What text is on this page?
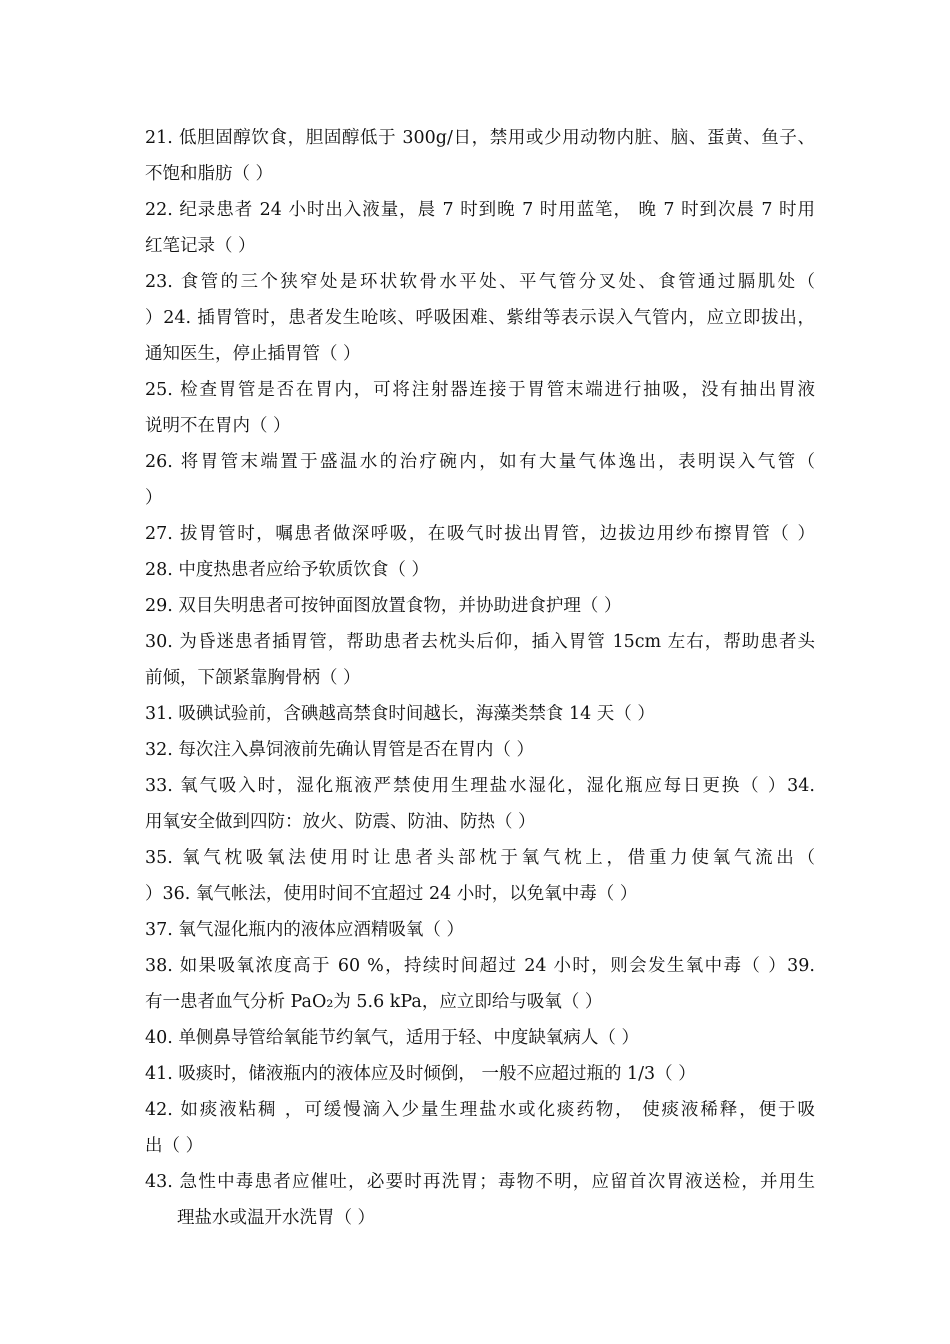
21. 低胆固醇饮食，胆固醇低于 300g/日，禁用或少用动物内脏、脑、蛋黄、鱼子、
不饱和脂肪（ ）
22. 纪录患者 24 小时出入液量，晨 7 时到晚 7 时用蓝笔， 晚 7 时到次晨 7 时用
红笔记录（ ）
23. 食管的三个狭窄处是环状软骨水平处、平气管分叉处、食管通过膈肌处（
）24. 插胃管时，患者发生呛咳、呼吸困难、紫绀等表示误入气管内，应立即拔出，
通知医生，停止插胃管（ ）
25. 检查胃管是否在胃内，可将注射器连接于胃管末端进行抽吸，没有抽出胃液
说明不在胃内（ ）
26. 将胃管末端置于盛温水的治疗碗内，如有大量气体逸出，表明误入气管（
）
27. 拔胃管时，嘱患者做深呼吸，在吸气时拔出胃管，边拔边用纱布擦胃管（ ）
28. 中度热患者应给予软质饮食（ ）
29. 双目失明患者可按钟面图放置食物，并协助进食护理（ ）
30. 为昏迷患者插胃管，帮助患者去枕头后仰，插入胃管 15cm 左右，帮助患者头
前倾，下颌紧靠胸骨柄（ ）
31. 吸碘试验前，含碘越高禁食时间越长，海藻类禁食 14 天（ ）
32. 每次注入鼻饲液前先确认胃管是否在胃内（ ）
33. 氧气吸入时，湿化瓶液严禁使用生理盐水湿化，湿化瓶应每日更换（ ）34.
用氧安全做到四防：放火、防震、防油、防热（ ）
35. 氧气枕吸氧法使用时让患者头部枕于氧气枕上，借重力使氧气流出（
）36. 氧气帐法，使用时间不宜超过 24 小时，以免氧中毒（ ）
37. 氧气湿化瓶内的液体应酒精吸氧（ ）
38. 如果吸氧浓度高于 60 %，持续时间超过 24 小时，则会发生氧中毒（ ）39.
有一患者血气分析 PaO₂为 5.6 kPa，应立即给与吸氧（ ）
40. 单侧鼻导管给氧能节约氧气，适用于轻、中度缺氧病人（ ）
41. 吸痰时，储液瓶内的液体应及时倾倒， 一般不应超过瓶的 1/3（ ）
42. 如痰液粘稠 ，可缓慢滴入少量生理盐水或化痰药物， 使痰液稀释，便于吸
出（ ）
43. 急性中毒患者应催吐，必要时再洗胃；毒物不明，应留首次胃液送检，并用生
理盐水或温开水洗胃（ ）
